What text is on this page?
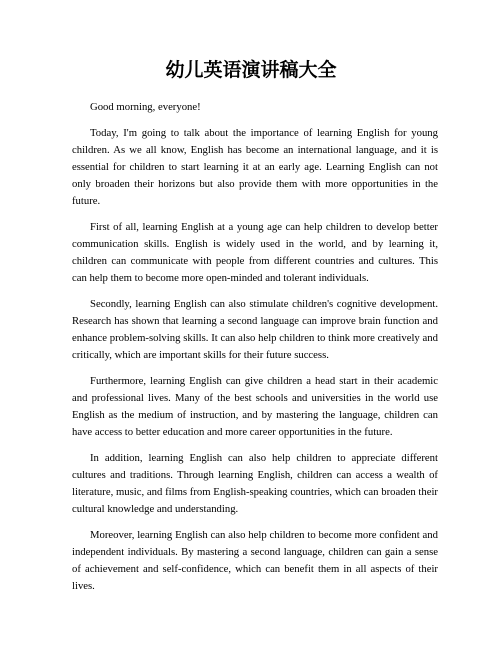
幼儿英语演讲稿大全

Good morning, everyone!

Today, I'm going to talk about the importance of learning English for young children. As we all know, English has become an international language, and it is essential for children to start learning it at an early age. Learning English can not only broaden their horizons but also provide them with more opportunities in the future.

First of all, learning English at a young age can help children to develop better communication skills. English is widely used in the world, and by learning it, children can communicate with people from different countries and cultures. This can help them to become more open-minded and tolerant individuals.

Secondly, learning English can also stimulate children's cognitive development. Research has shown that learning a second language can improve brain function and enhance problem-solving skills. It can also help children to think more creatively and critically, which are important skills for their future success.

Furthermore, learning English can give children a head start in their academic and professional lives. Many of the best schools and universities in the world use English as the medium of instruction, and by mastering the language, children can have access to better education and more career opportunities in the future.

In addition, learning English can also help children to appreciate different cultures and traditions. Through learning English, children can access a wealth of literature, music, and films from English-speaking countries, which can broaden their cultural knowledge and understanding.

Moreover, learning English can also help children to become more confident and independent individuals. By mastering a second language, children can gain a sense of achievement and self-confidence, which can benefit them in all aspects of their lives.
